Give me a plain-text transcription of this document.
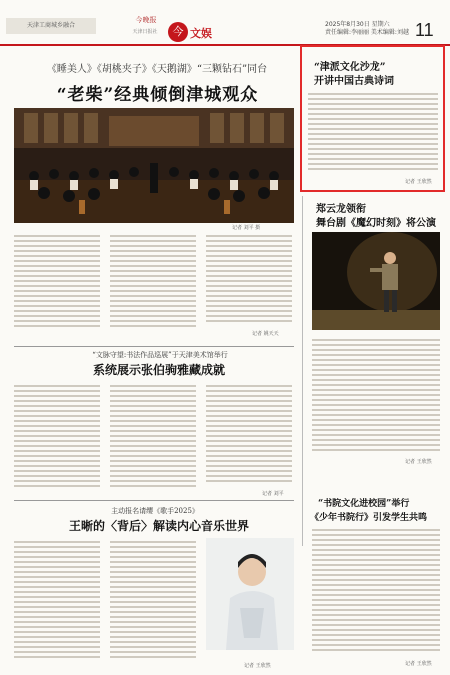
天津工商城乡融合
今晚报
天津日报社	今 文娱
2025年8月30日 星期六
责任编辑:李丽丽 美术编辑:刘越 11
《睡美人》《胡桃夹子》《天鹅湖》“三颗钻石”同台
“老柴”经典倾倒津城观众
记者 刘平 摄
记者 姚天天
“津派文化沙龙”
开讲中国古典诗词
记者 王欣然
郑云龙领衔
舞台剧《魔幻时刻》将公演
记者 王欣然
“文脉守望:书法作品巡展”于天津美术馆举行
系统展示张伯驹雅藏成就
记者 刘平
“书院文化进校园”举行
《少年书院行》引发学生共鸣
记者 王欣然
主动报名请缨《歌手2025》
王晰的〈背后〉解读内心音乐世界
记者 王欣然
